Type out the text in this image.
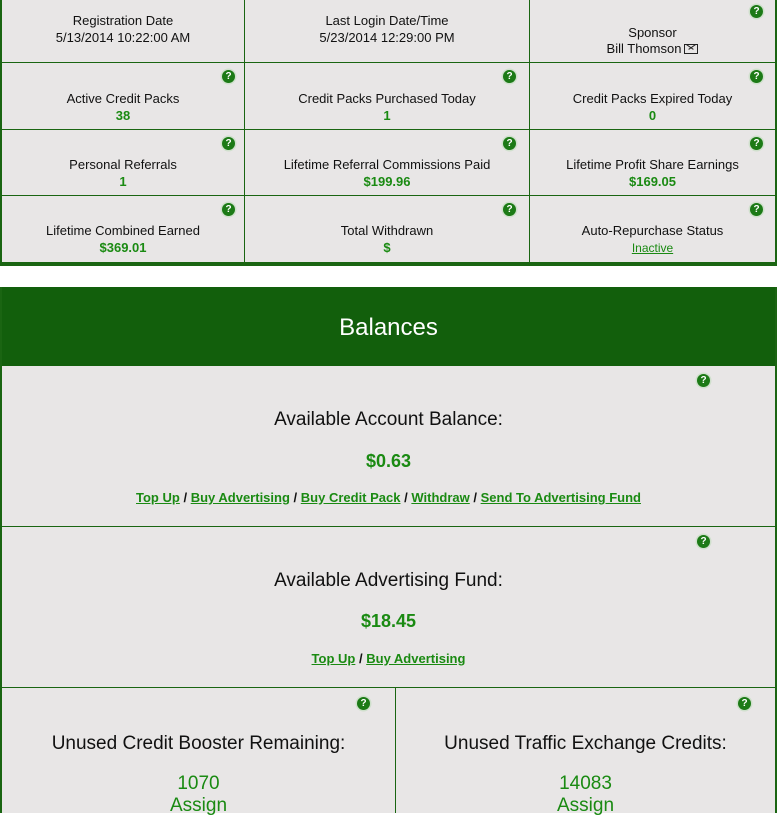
Registration Date
5/13/2014 10:22:00 AM
Last Login Date/Time
5/23/2014 12:29:00 PM
?
Sponsor
Bill Thomson
?
Active Credit Packs
38
?
Credit Packs Purchased Today
1
?
Credit Packs Expired Today
0
?
Personal Referrals
1
?
Lifetime Referral Commissions Paid
$199.96
?
Lifetime Profit Share Earnings
$169.05
?
Lifetime Combined Earned
$369.01
?
Total Withdrawn
$
?
Auto-Repurchase Status
Inactive
Balances
?
Available Account Balance:
$0.63
Top Up / Buy Advertising / Buy Credit Pack / Withdraw / Send To Advertising Fund
?
Available Advertising Fund:
$18.45
Top Up / Buy Advertising
?
Unused Credit Booster Remaining:
1070
Assign
?
Unused Traffic Exchange Credits:
14083
Assign
